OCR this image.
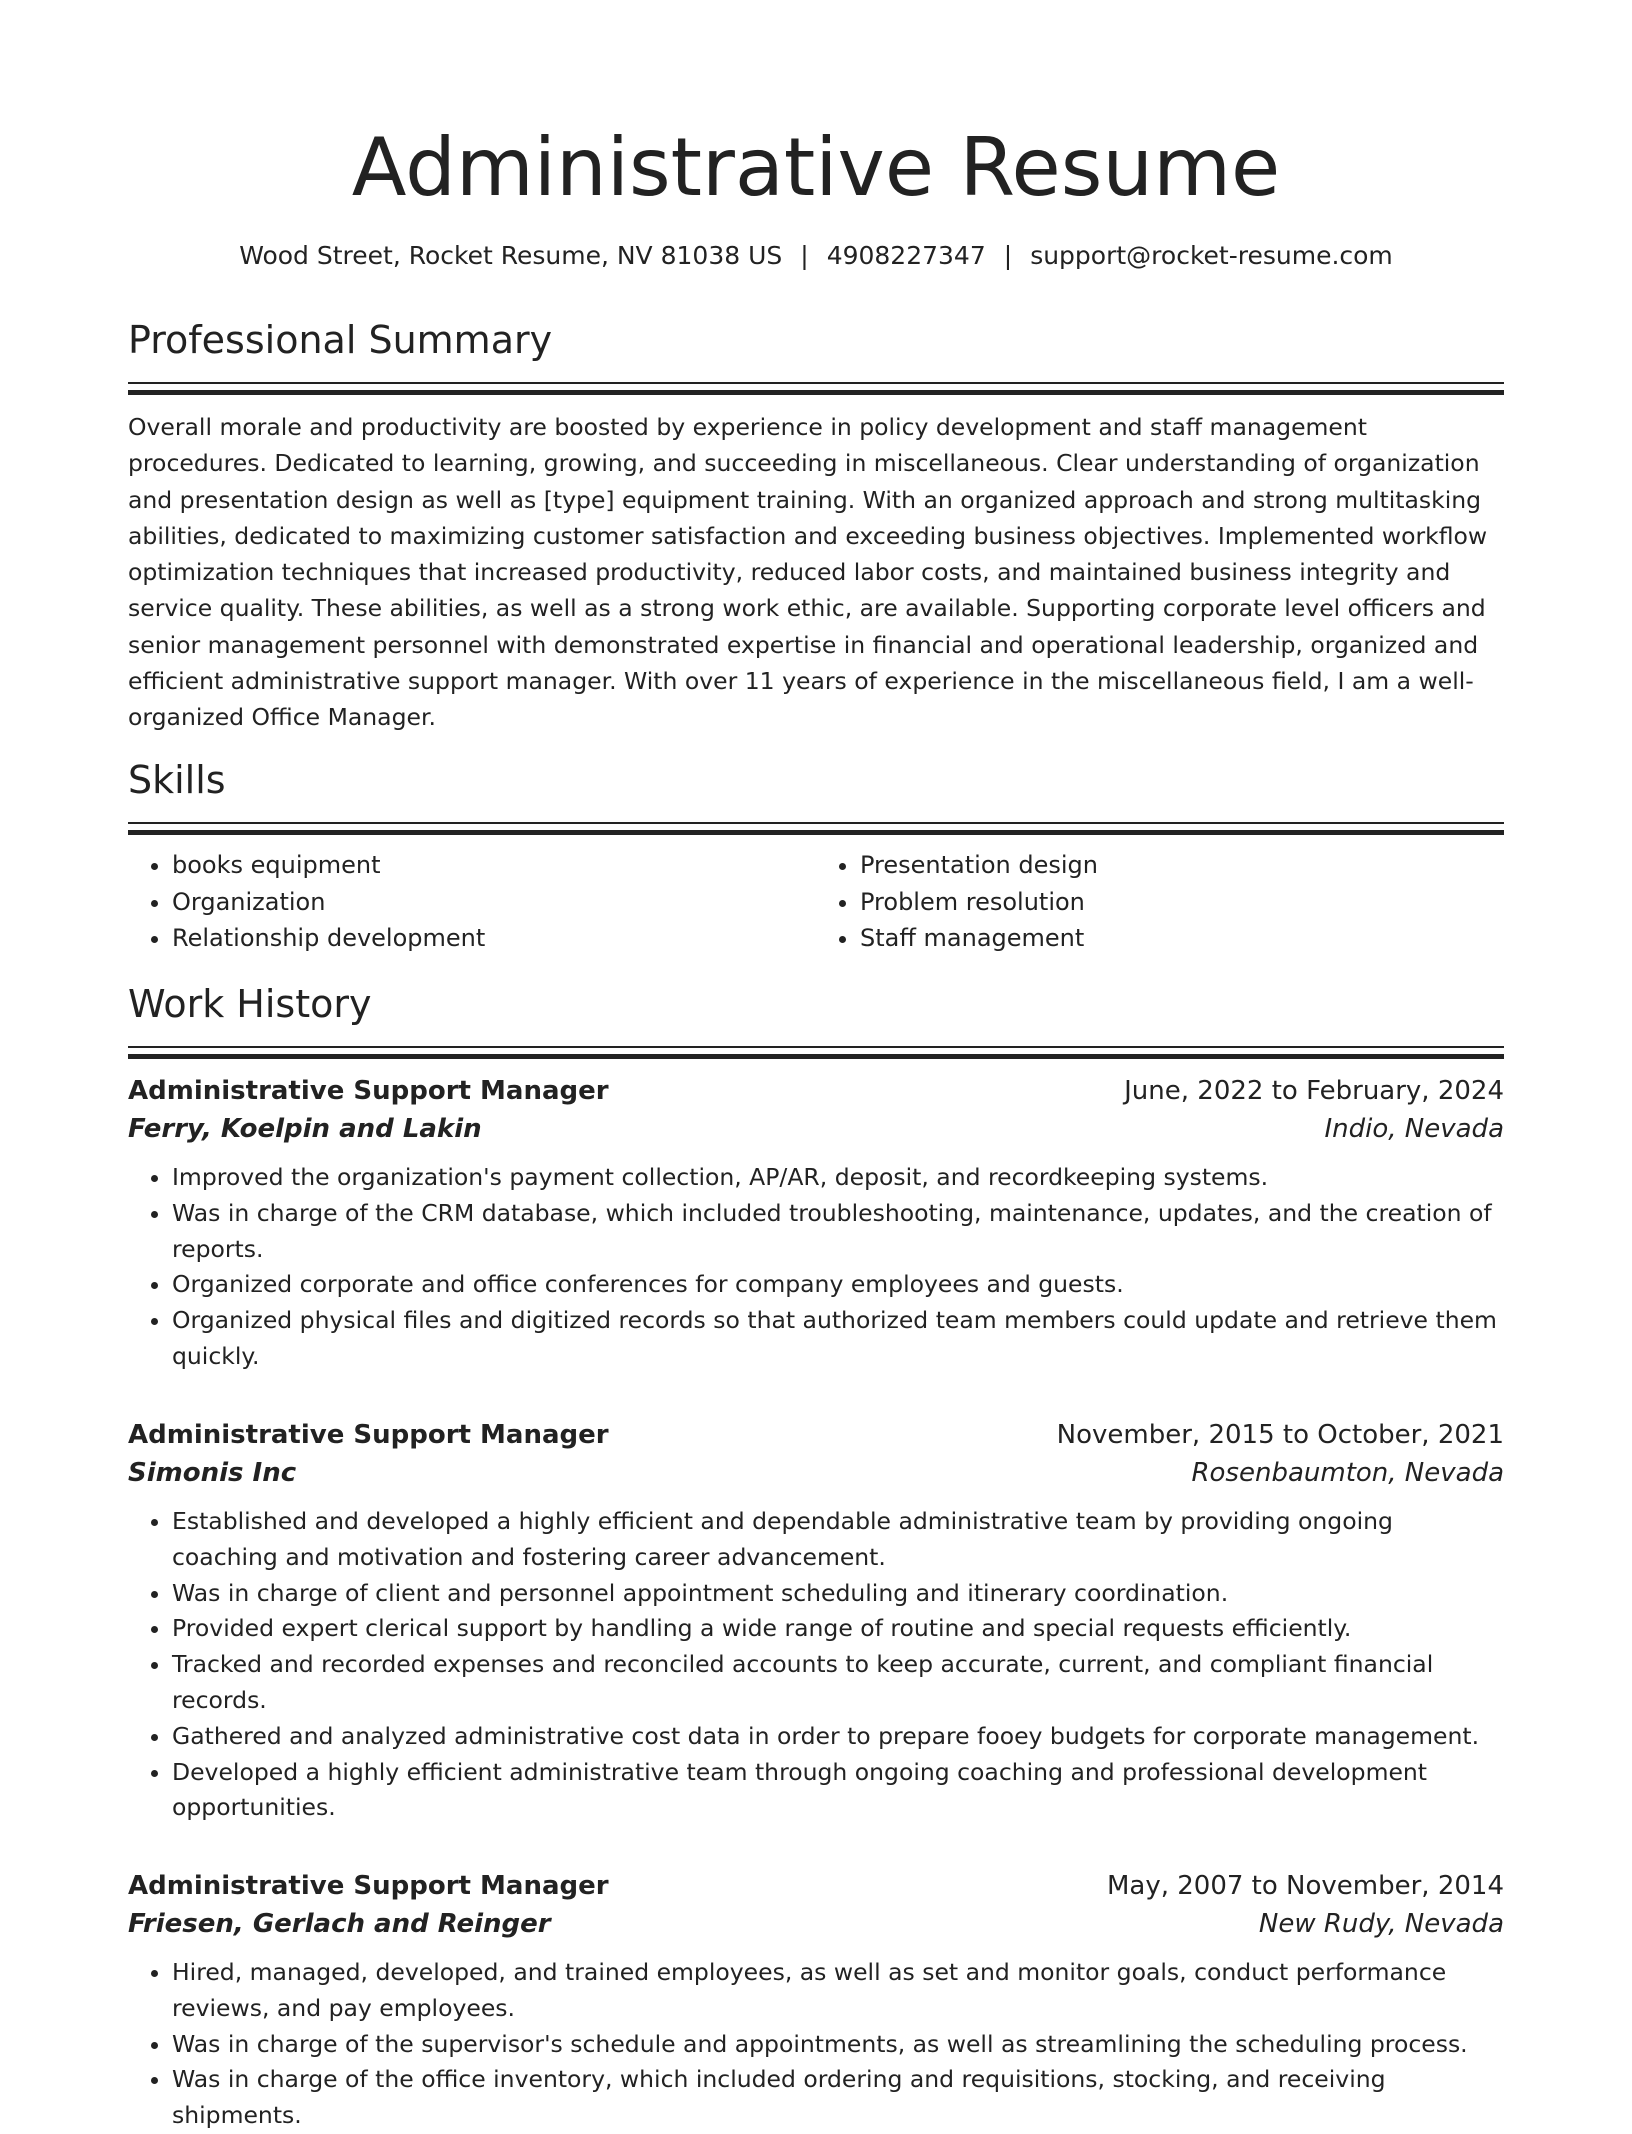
Administrative Resume
Wood Street, Rocket Resume, NV 81038 US | 4908227347 | support@rocket-resume.com
Professional Summary

Overall morale and productivity are boosted by experience in policy development and staff management procedures. Dedicated to learning, growing, and succeeding in miscellaneous. Clear understanding of organization and presentation design as well as [type] equipment training. With an organized approach and strong multitasking abilities, dedicated to maximizing customer satisfaction and exceeding business objectives. Implemented workflow optimization techniques that increased productivity, reduced labor costs, and maintained business integrity and service quality. These abilities, as well as a strong work ethic, are available. Supporting corporate level officers and senior management personnel with demonstrated expertise in financial and operational leadership, organized and efficient administrative support manager. With over 11 years of experience in the miscellaneous field, I am a well-organized Office Manager.

Skills
• books equipment
• Organization
• Relationship development
• Presentation design
• Problem resolution
• Staff management
Work History
Administrative Support Manager	June, 2022 to February, 2024
Ferry, Koelpin and Lakin	Indio, Nevada
• Improved the organization's payment collection, AP/AR, deposit, and recordkeeping systems.
• Was in charge of the CRM database, which included troubleshooting, maintenance, updates, and the creation of reports.
• Organized corporate and office conferences for company employees and guests.
• Organized physical files and digitized records so that authorized team members could update and retrieve them quickly.
Administrative Support Manager	November, 2015 to October, 2021
Simonis Inc	Rosenbaumton, Nevada
• Established and developed a highly efficient and dependable administrative team by providing ongoing coaching and motivation and fostering career advancement.
• Was in charge of client and personnel appointment scheduling and itinerary coordination.
• Provided expert clerical support by handling a wide range of routine and special requests efficiently.
• Tracked and recorded expenses and reconciled accounts to keep accurate, current, and compliant financial records.
• Gathered and analyzed administrative cost data in order to prepare fooey budgets for corporate management.
• Developed a highly efficient administrative team through ongoing coaching and professional development opportunities.
Administrative Support Manager	May, 2007 to November, 2014
Friesen, Gerlach and Reinger	New Rudy, Nevada
• Hired, managed, developed, and trained employees, as well as set and monitor goals, conduct performance reviews, and pay employees.
• Was in charge of the supervisor's schedule and appointments, as well as streamlining the scheduling process.
• Was in charge of the office inventory, which included ordering and requisitions, stocking, and receiving shipments.
